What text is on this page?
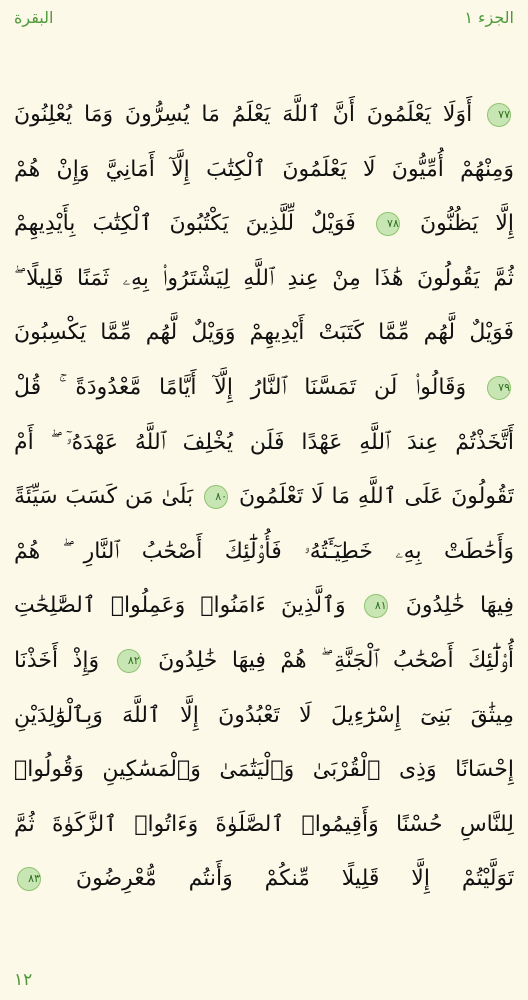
البقرة	الجزء ١
٧٧ أَوَلَا يَعْلَمُونَ أَنَّ ٱللَّهَ يَعْلَمُ مَا يُسِرُّونَ وَمَا يُعْلِنُونَ
وَمِنْهُمْ أُمِّيُّونَ لَا يَعْلَمُونَ ٱلْكِتَٰبَ إِلَّآ أَمَانِيَّ وَإِنْ هُمْ
إِلَّا يَظُنُّونَ ٧٨ فَوَيْلٌ لِّلَّذِينَ يَكْتُبُونَ ٱلْكِتَٰبَ بِأَيْدِيهِمْ
ثُمَّ يَقُولُونَ هَٰذَا مِنْ عِندِ ٱللَّهِ لِيَشْتَرُوا۟ بِهِۦ ثَمَنًا قَلِيلًا ۖ
فَوَيْلٌ لَّهُم مِّمَّا كَتَبَتْ أَيْدِيهِمْ وَوَيْلٌ لَّهُم مِّمَّا يَكْسِبُونَ
٧٩ وَقَالُوا۟ لَن تَمَسَّنَا ٱلنَّارُ إِلَّآ أَيَّامًا مَّعْدُودَةً ۚ قُلْ
أَتَّخَذْتُمْ عِندَ ٱللَّهِ عَهْدًا فَلَن يُخْلِفَ ٱللَّهُ عَهْدَهُۥٓ ۖ أَمْ
تَقُولُونَ عَلَى ٱللَّهِ مَا لَا تَعْلَمُونَ ٨٠ بَلَىٰ مَن كَسَبَ سَيِّئَةً
وَأَحَٰطَتْ بِهِۦ خَطِيٓـَٔتُهُۥ فَأُو۟لَٰٓئِكَ أَصْحَٰبُ ٱلنَّارِ ۖ هُمْ
فِيهَا خَٰلِدُونَ ٨١ وَٱلَّذِينَ ءَامَنُوا۟ وَعَمِلُوا۟ ٱلصَّٰلِحَٰتِ
أُو۟لَٰٓئِكَ أَصْحَٰبُ ٱلْجَنَّةِ ۖ هُمْ فِيهَا خَٰلِدُونَ ٨٢ وَإِذْ أَخَذْنَا
مِيثَٰقَ بَنِىٓ إِسْرَٰٓءِيلَ لَا تَعْبُدُونَ إِلَّا ٱللَّهَ وَبِٱلْوَٰلِدَيْنِ
إِحْسَانًا وَذِى ٱلْقُرْبَىٰ وَٱلْيَتَٰمَىٰ وَٱلْمَسَٰكِينِ وَقُولُوا۟
لِلنَّاسِ حُسْنًا وَأَقِيمُوا۟ ٱلصَّلَوٰةَ وَءَاتُوا۟ ٱلزَّكَوٰةَ ثُمَّ
تَوَلَّيْتُمْ إِلَّا قَلِيلًا مِّنكُمْ وَأَنتُم مُّعْرِضُونَ ٨٣
١٢
